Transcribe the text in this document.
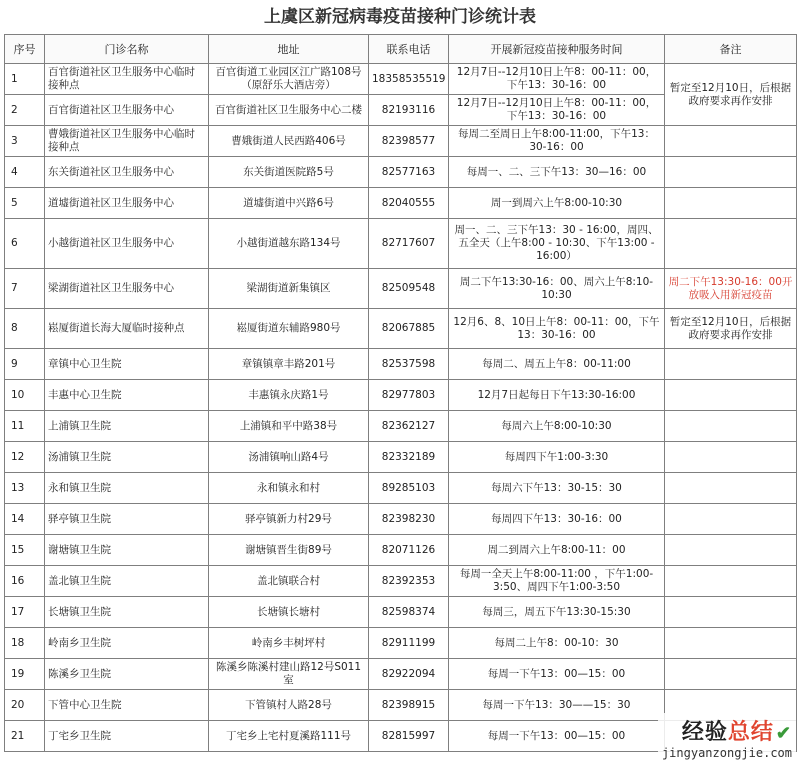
上虞区新冠病毒疫苗接种门诊统计表
序号	门诊名称	地址	联系电话	开展新冠疫苗接种服务时间	备注
1	百官街道社区卫生服务中心临时接种点	百官街道工业园区江广路108号（原舒乐大酒店旁）	18358535519	12月7日--12月10日上午8：00-11：00，下午13：30-16：00	暂定至12月10日，后根据政府要求再作安排
2	百官街道社区卫生服务中心	百官街道社区卫生服务中心二楼	82193116	12月7日--12月10日上午8：00-11：00，下午13：30-16：00	
3	曹娥街道社区卫生服务中心临时接种点	曹娥街道人民西路406号	82398577	每周二至周日上午8:00-11:00，下午13：30-16：00	
4	东关街道社区卫生服务中心	东关街道医院路5号	82577163	每周一、二、三下午13：30—16：00	
5	道墟街道社区卫生服务中心	道墟街道中兴路6号	82040555	周一到周六上午8:00-10:30	
6	小越街道社区卫生服务中心	小越街道越东路134号	82717607	周一、二、三下午13：30 - 16:00，周四、五全天（上午8:00 - 10:30、下午13:00 - 16:00）	
7	梁湖街道社区卫生服务中心	梁湖街道新集镇区	82509548	周二下午13:30-16：00、周六上午8:10-10:30	周二下午13:30-16：00开放吸入用新冠疫苗
8	崧厦街道长海大厦临时接种点	崧厦街道东辅路980号	82067885	12月6、8、10日上午8：00-11：00，下午13：30-16：00	暂定至12月10日，后根据政府要求再作安排
9	章镇中心卫生院	章镇镇章丰路201号	82537598	每周二、周五上午8：00-11:00	
10	丰惠中心卫生院	丰惠镇永庆路1号	82977803	12月7日起每日下午13:30-16:00	
11	上浦镇卫生院	上浦镇和平中路38号	82362127	每周六上午8:00-10:30	
12	汤浦镇卫生院	汤浦镇响山路4号	82332189	每周四下午1:00-3:30	
13	永和镇卫生院	永和镇永和村	89285103	每周六下午13：30-15：30	
14	驿亭镇卫生院	驿亭镇新力村29号	82398230	每周四下午13：30-16：00	
15	谢塘镇卫生院	谢塘镇晋生街89号	82071126	周二到周六上午8:00-11：00	
16	盖北镇卫生院	盖北镇联合村	82392353	每周一全天上午8:00-11:00 ，下午1:00-3:50、周四下午1:00-3:50	
17	长塘镇卫生院	长塘镇长塘村	82598374	每周三，周五下午13:30-15:30	
18	岭南乡卫生院	岭南乡丰树坪村	82911199	每周二上午8：00-10：30	
19	陈溪乡卫生院	陈溪乡陈溪村建山路12号S011室	82922094	每周一下午13：00—15：00	
20	下管中心卫生院	下管镇村人路28号	82398915	每周一下午13：30——15：30	
21	丁宅乡卫生院	丁宅乡上宅村夏溪路111号	82815997	每周一下午13：00—15：00		经验总结 ✔
jingyanzongjie.com
